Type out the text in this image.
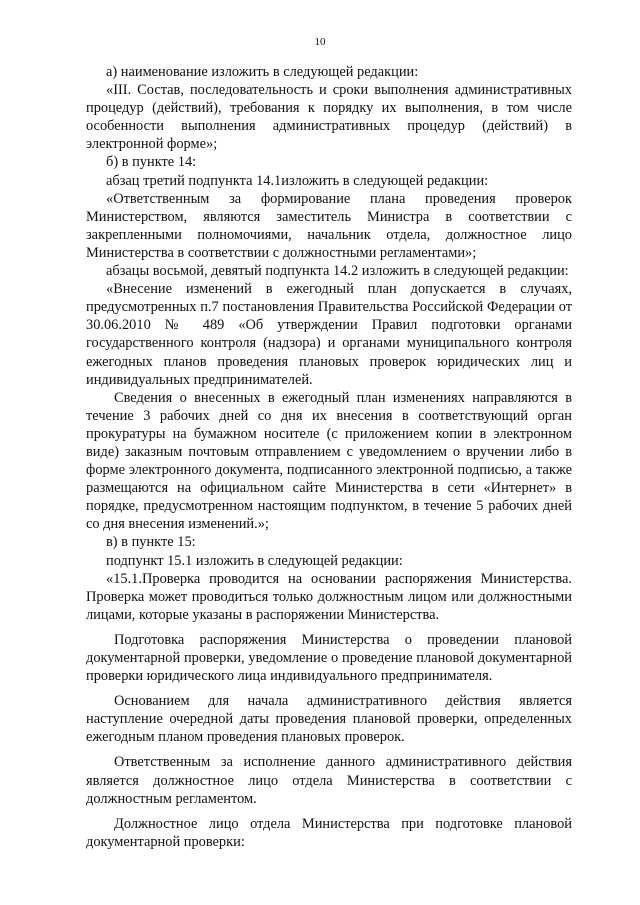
10

а) наименование изложить в следующей редакции:

«III. Состав, последовательность и сроки выполнения административных процедур (действий), требования к порядку их выполнения, в том числе особенности выполнения административных процедур (действий) в электронной форме»;

б) в пункте 14:

абзац третий подпункта 14.1изложить в следующей редакции:

«Ответственным за формирование плана проведения проверок Министерством, являются заместитель Министра в соответствии с закрепленными полномочиями, начальник отдела, должностное лицо Министерства в соответствии с должностными регламентами»;

абзацы восьмой, девятый подпункта 14.2 изложить в следующей редакции:

«Внесение изменений в ежегодный план допускается в случаях, предусмотренных п.7 постановления Правительства Российской Федерации от 30.06.2010 № 489 «Об утверждении Правил подготовки органами государственного контроля (надзора) и органами муниципального контроля ежегодных планов проведения плановых проверок юридических лиц и индивидуальных предпринимателей.

Сведения о внесенных в ежегодный план изменениях направляются в течение 3 рабочих дней со дня их внесения в соответствующий орган прокуратуры на бумажном носителе (с приложением копии в электронном виде) заказным почтовым отправлением с уведомлением о вручении либо в форме электронного документа, подписанного электронной подписью, а также размещаются на официальном сайте Министерства в сети «Интернет» в порядке, предусмотренном настоящим подпунктом, в течение 5 рабочих дней со дня внесения изменений.»;

в) в пункте 15:

подпункт 15.1 изложить в следующей редакции:

«15.1.Проверка проводится на основании распоряжения Министерства. Проверка может проводиться только должностным лицом или должностными лицами, которые указаны в распоряжении Министерства.

Подготовка распоряжения Министерства о проведении плановой документарной проверки, уведомление о проведение плановой документарной проверки юридического лица индивидуального предпринимателя.

Основанием для начала административного действия является наступление очередной даты проведения плановой проверки, определенных ежегодным планом проведения плановых проверок.

Ответственным за исполнение данного административного действия является должностное лицо отдела Министерства в соответствии с должностным регламентом.

Должностное лицо отдела Министерства при подготовке плановой документарной проверки:
